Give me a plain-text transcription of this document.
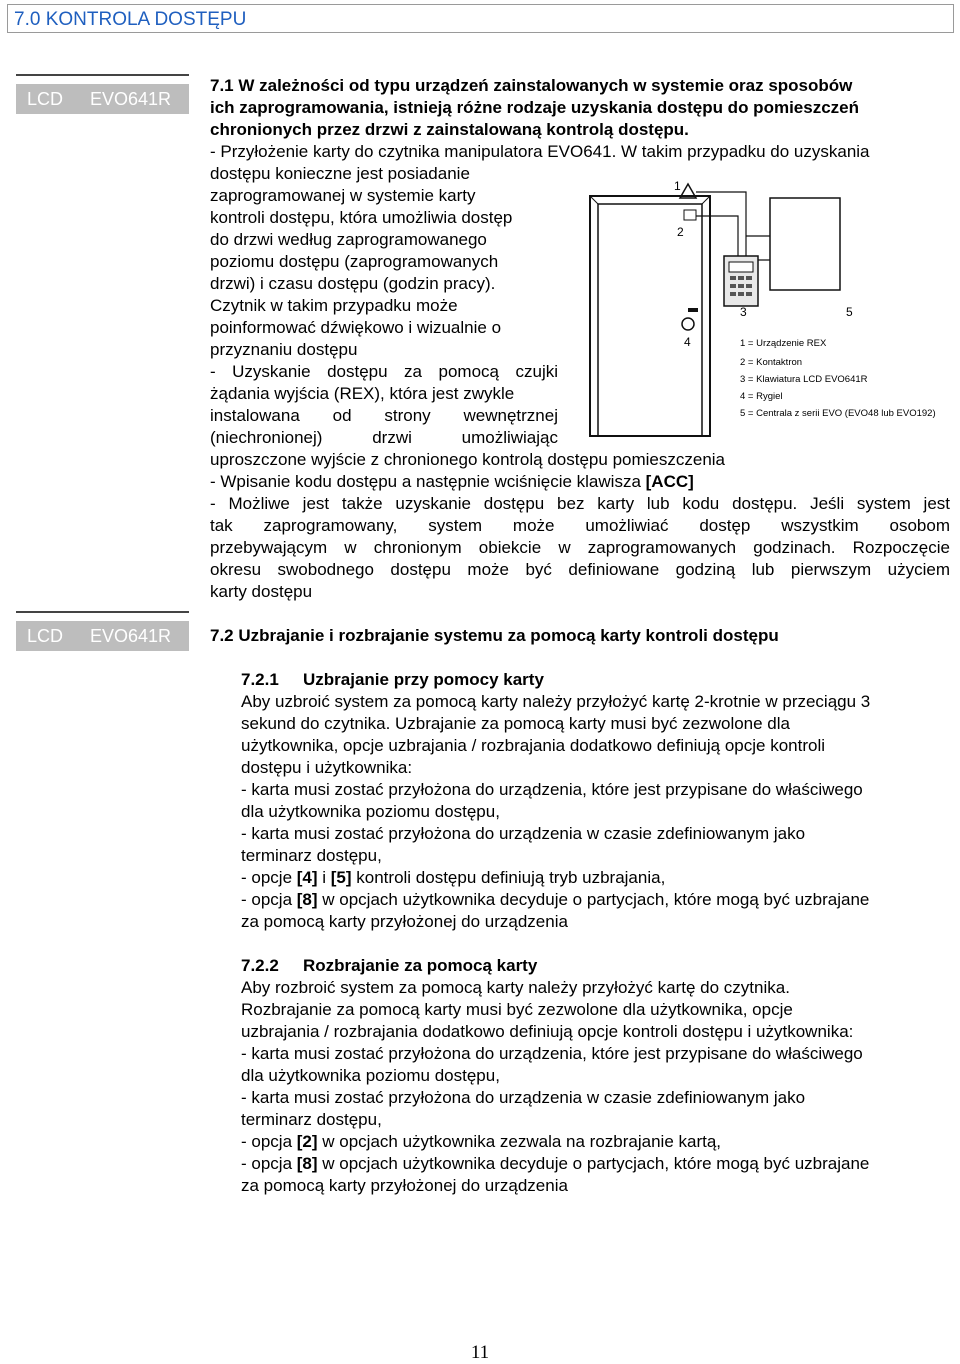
7.0 KONTROLA DOSTĘPU
LCD EVO641R
LCD EVO641R
7.1 W zależności od typu urządzeń zainstalowanych w systemie oraz sposobów
ich zaprogramowania, istnieją różne rodzaje uzyskania dostępu do pomieszczeń
chronionych przez drzwi z zainstalowaną kontrolą dostępu.
- Przyłożenie karty do czytnika manipulatora EVO641. W takim przypadku do uzyskania
dostępu konieczne jest posiadanie
zaprogramowanej w systemie karty
kontroli dostępu, która umożliwia dostęp
do drzwi według zaprogramowanego
poziomu dostępu (zaprogramowanych
drzwi) i czasu dostępu (godzin pracy).
Czytnik w takim przypadku może
poinformować dźwiękowo i wizualnie o
przyznaniu dostępu
- Uzyskanie dostępu za pomocą czujki
żądania wyjścia (REX), która jest zwykle
instalowana od strony wewnętrznej
(niechronionej) drzwi umożliwiając
uproszczone wyjście z chronionego kontrolą dostępu pomieszczenia
- Wpisanie kodu dostępu a następnie wciśnięcie klawisza [ACC]
- Możliwe jest także uzyskanie dostępu bez karty lub kodu dostępu. Jeśli system jest
tak zaprogramowany, system może umożliwiać dostęp wszystkim osobom
przebywającym w chronionym obiekcie w zaprogramowanych godzinach. Rozpoczęcie
okresu swobodnego dostępu może być definiowane godziną lub pierwszym użyciem
karty dostępu
1
2
3
4
5
1 = Urządzenie REX
2 = Kontaktron
3 = Klawiatura LCD EVO641R
4 = Rygiel
5 = Centrala z serii EVO (EVO48 lub EVO192)
7.2 Uzbrajanie i rozbrajanie systemu za pomocą karty kontroli dostępu
7.2.1 Uzbrajanie przy pomocy karty
Aby uzbroić system za pomocą karty należy przyłożyć kartę 2-krotnie w przeciągu 3
sekund do czytnika. Uzbrajanie za pomocą karty musi być zezwolone dla
użytkownika, opcje uzbrajania / rozbrajania dodatkowo definiują opcje kontroli
dostępu i użytkownika:
- karta musi zostać przyłożona do urządzenia, które jest przypisane do właściwego
dla użytkownika poziomu dostępu,
- karta musi zostać przyłożona do urządzenia w czasie zdefiniowanym jako
terminarz dostępu,
- opcje [4] i [5] kontroli dostępu definiują tryb uzbrajania,
- opcja [8] w opcjach użytkownika decyduje o partycjach, które mogą być uzbrajane
za pomocą karty przyłożonej do urządzenia
7.2.2 Rozbrajanie za pomocą karty
Aby rozbroić system za pomocą karty należy przyłożyć kartę do czytnika.
Rozbrajanie za pomocą karty musi być zezwolone dla użytkownika, opcje
uzbrajania / rozbrajania dodatkowo definiują opcje kontroli dostępu i użytkownika:
- karta musi zostać przyłożona do urządzenia, które jest przypisane do właściwego
dla użytkownika poziomu dostępu,
- karta musi zostać przyłożona do urządzenia w czasie zdefiniowanym jako
terminarz dostępu,
- opcja [2] w opcjach użytkownika zezwala na rozbrajanie kartą,
- opcja [8] w opcjach użytkownika decyduje o partycjach, które mogą być uzbrajane
za pomocą karty przyłożonej do urządzenia
11
